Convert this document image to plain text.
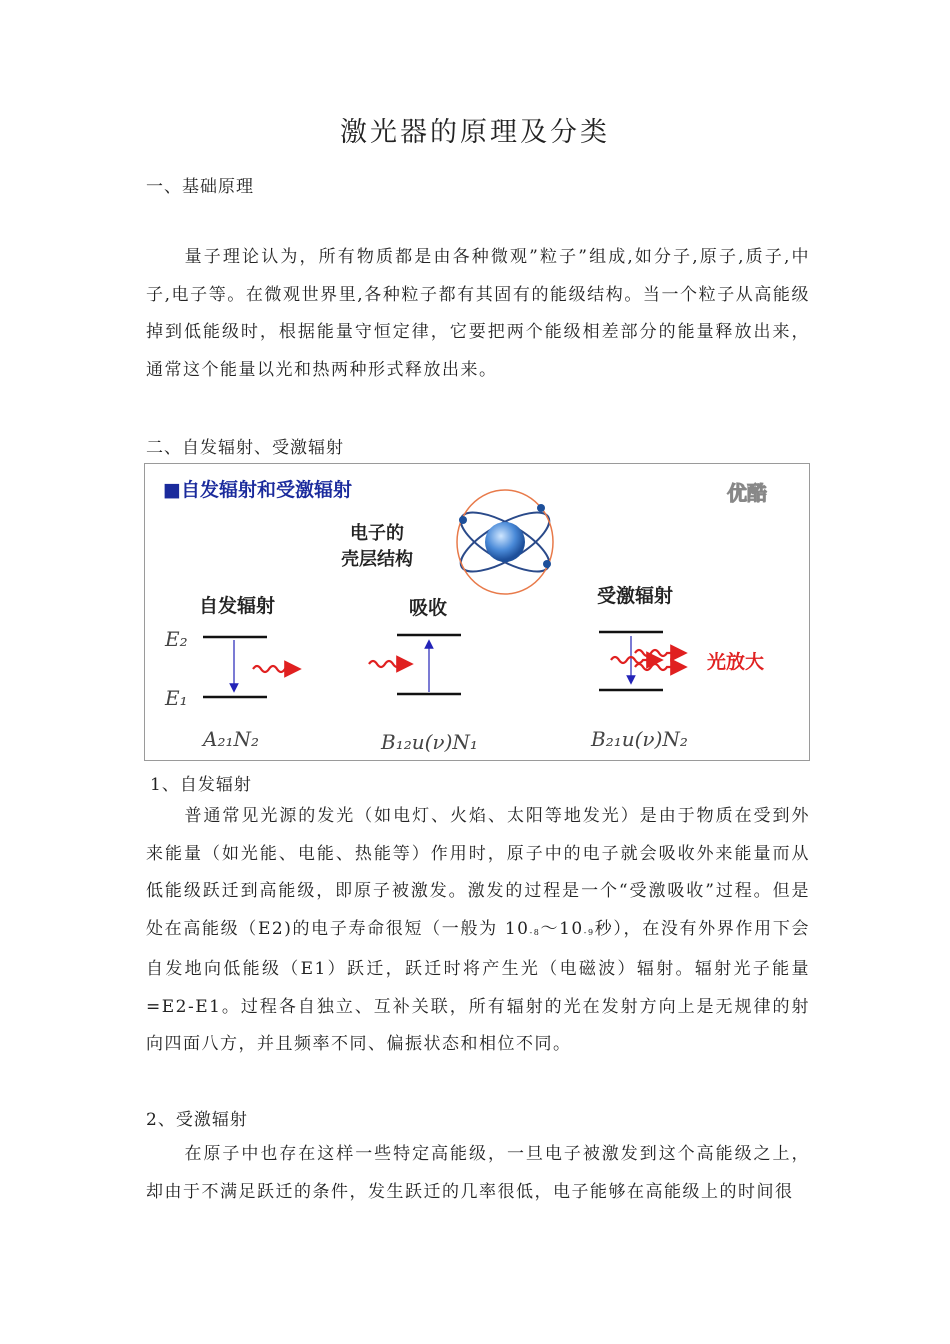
激光器的原理及分类
一、基础原理
量子理论认为，所有物质都是由各种微观”粒子”组成,如分子,原子,质子,中子,电子等。在微观世界里,各种粒子都有其固有的能级结构。当一个粒子从高能级掉到低能级时，根据能量守恒定律，它要把两个能级相差部分的能量释放出来，通常这个能量以光和热两种形式释放出来。
二、自发辐射、受激辐射
■自发辐射和受激辐射	优酷
电子的
壳层结构
自发辐射	吸收
受激辐射
E₂
E₁
光放大
A₂₁N₂	B₁₂u(ν)N₁	B₂₁u(ν)N₂
1、自发辐射
普通常见光源的发光（如电灯、火焰、太阳等地发光）是由于物质在受到外来能量（如光能、电能、热能等）作用时，原子中的电子就会吸收外来能量而从低能级跃迁到高能级，即原子被激发。激发的过程是一个“受激吸收”过程。但是处在高能级（E2)的电子寿命很短（一般为 10-8～10-9秒），在没有外界作用下会自发地向低能级（E1）跃迁，跃迁时将产生光（电磁波）辐射。辐射光子能量=E2-E1。过程各自独立、互补关联，所有辐射的光在发射方向上是无规律的射向四面八方，并且频率不同、偏振状态和相位不同。
2、受激辐射
在原子中也存在这样一些特定高能级，一旦电子被激发到这个高能级之上，却由于不满足跃迁的条件，发生跃迁的几率很低，电子能够在高能级上的时间很
